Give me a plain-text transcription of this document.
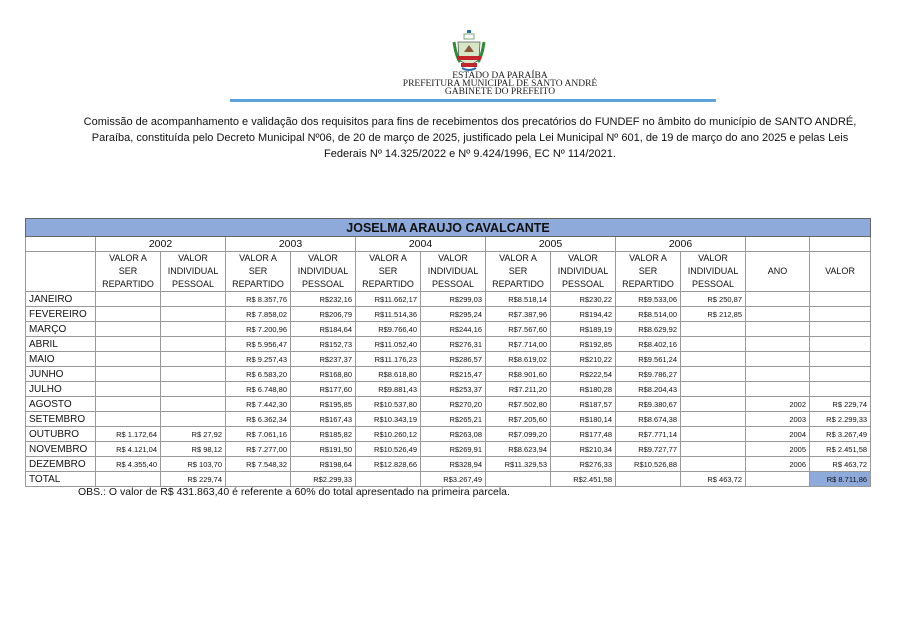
ESTADO DA PARAÍBA
PREFEITURA MUNICIPAL DE SANTO ANDRÉ
GABINETE DO PREFEITO
Comissão de acompanhamento e validação dos requisitos para fins de recebimentos dos precatórios do FUNDEF no âmbito do município de SANTO ANDRÉ, Paraíba, constituída pelo Decreto Municipal Nº06, de 20 de março de 2025, justificado pela Lei Municipal Nº 601, de 19 de março do ano 2025 e pelas Leis Federais Nº 14.325/2022 e Nº 9.424/1996, EC Nº 114/2021.
JOSELMA ARAUJO CAVALCANTE												
	2002		2003		2004		2005		2006			
	VALOR A SER REPARTIDO	VALOR INDIVIDUAL PESSOAL	VALOR A SER REPARTIDO	VALOR INDIVIDUAL PESSOAL	VALOR A SER REPARTIDO	VALOR INDIVIDUAL PESSOAL	VALOR A SER REPARTIDO	VALOR INDIVIDUAL PESSOAL	VALOR A SER REPARTIDO	VALOR INDIVIDUAL PESSOAL	ANO	VALOR
JANEIRO			R$ 8.357,76	R$232,16	R$11.662,17	R$299,03	R$8.518,14	R$230,22	R$9.533,06	R$ 250,87		
FEVEREIRO			R$ 7.858,02	R$206,79	R$11.514,36	R$295,24	R$7.387,96	R$194,42	R$8.514,00	R$ 212,85		
MARÇO			R$ 7.200,96	R$184,64	R$9.766,40	R$244,16	R$7.567,60	R$189,19	R$8.629,92			
ABRIL			R$ 5.956,47	R$152,73	R$11.052,40	R$276,31	R$7.714,00	R$192,85	R$8.402,16			
MAIO			R$ 9.257,43	R$237,37	R$11.176,23	R$286,57	R$8.619,02	R$210,22	R$9.561,24			
JUNHO			R$ 6.583,20	R$168,80	R$8.618,80	R$215,47	R$8.901,60	R$222,54	R$9.786,27			
JULHO			R$ 6.748,80	R$177,60	R$9.881,43	R$253,37	R$7.211,20	R$180,28	R$8.204,43			
AGOSTO			R$ 7.442,30	R$195,85	R$10.537,80	R$270,20	R$7.502,80	R$187,57	R$9.380,67		2002	R$ 229,74
SETEMBRO			R$ 6.362,34	R$167,43	R$10.343,19	R$265,21	R$7.205,60	R$180,14	R$8.674,38		2003	R$ 2.299,33
OUTUBRO	R$ 1.172,64	R$ 27,92	R$ 7.061,16	R$185,82	R$10.260,12	R$263,08	R$7.099,20	R$177,48	R$7.771,14		2004	R$ 3.267,49
NOVEMBRO	R$ 4.121,04	R$ 98,12	R$ 7.277,00	R$191,50	R$10.526,49	R$269,91	R$8.623,94	R$210,34	R$9.727,77		2005	R$ 2.451,58
DEZEMBRO	R$ 4.355,40	R$ 103,70	R$ 7.548,32	R$198,64	R$12.828,66	R$328,94	R$11.329,53	R$276,33	R$10.526,88		2006	R$ 463,72
TOTAL		R$ 229,74		R$2.299,33		R$3.267,49		R$2.451,58		R$ 463,72		R$ 8.711,86
OBS.: O valor de R$ 431.863,40 é referente a 60% do total apresentado na primeira parcela.
